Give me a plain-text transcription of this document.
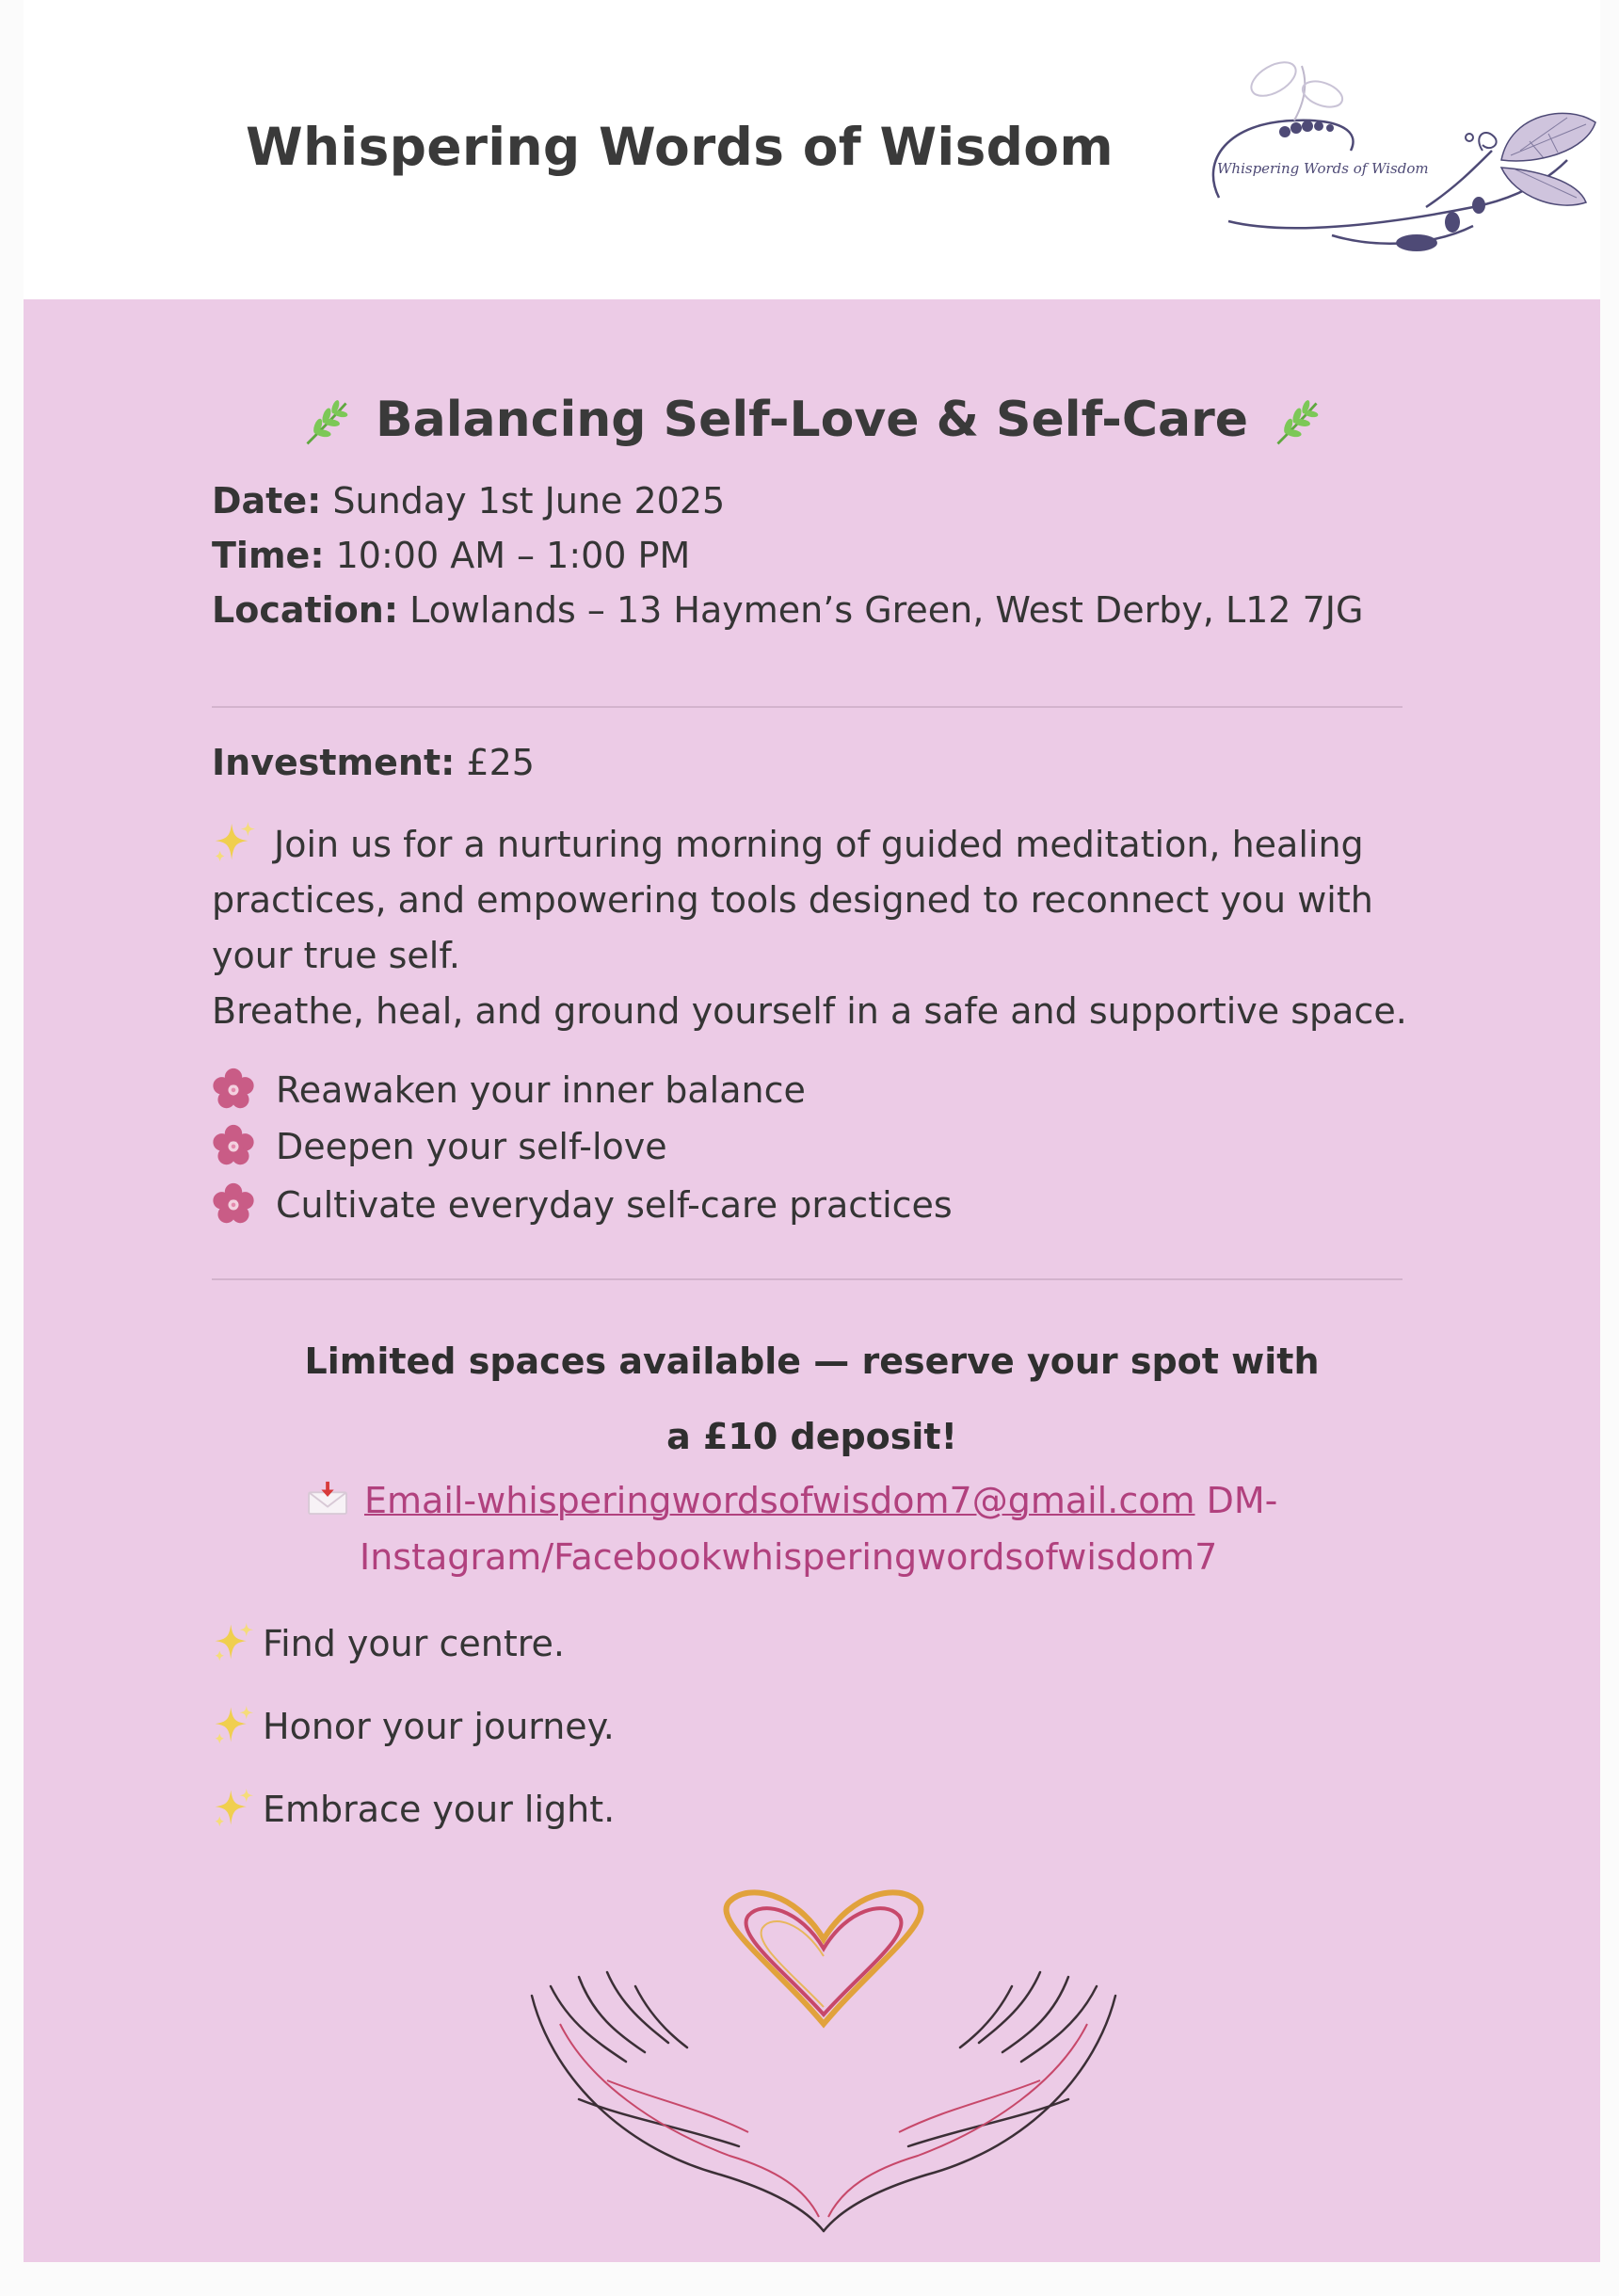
Whispering Words of Wisdom	Whispering Words of Wisdom
Balancing Self-Love & Self-Care
Date: Sunday 1st June 2025
Time: 10:00 AM – 1:00 PM
Location: Lowlands – 13 Haymen’s Green, West Derby, L12 7JG
Investment: £25
Join us for a nurturing morning of guided meditation, healing
practices, and empowering tools designed to reconnect you with
your true self.
Breathe, heal, and ground yourself in a safe and supportive space.
Reawaken your inner balance
Deepen your self-love
Cultivate everyday self-care practices
Limited spaces available — reserve your spot with
a £10 deposit!
Email-whisperingwordsofwisdom7@gmail.com DM-
Instagram/Facebookwhisperingwordsofwisdom7
Find your centre.
Honor your journey.
Embrace your light.
